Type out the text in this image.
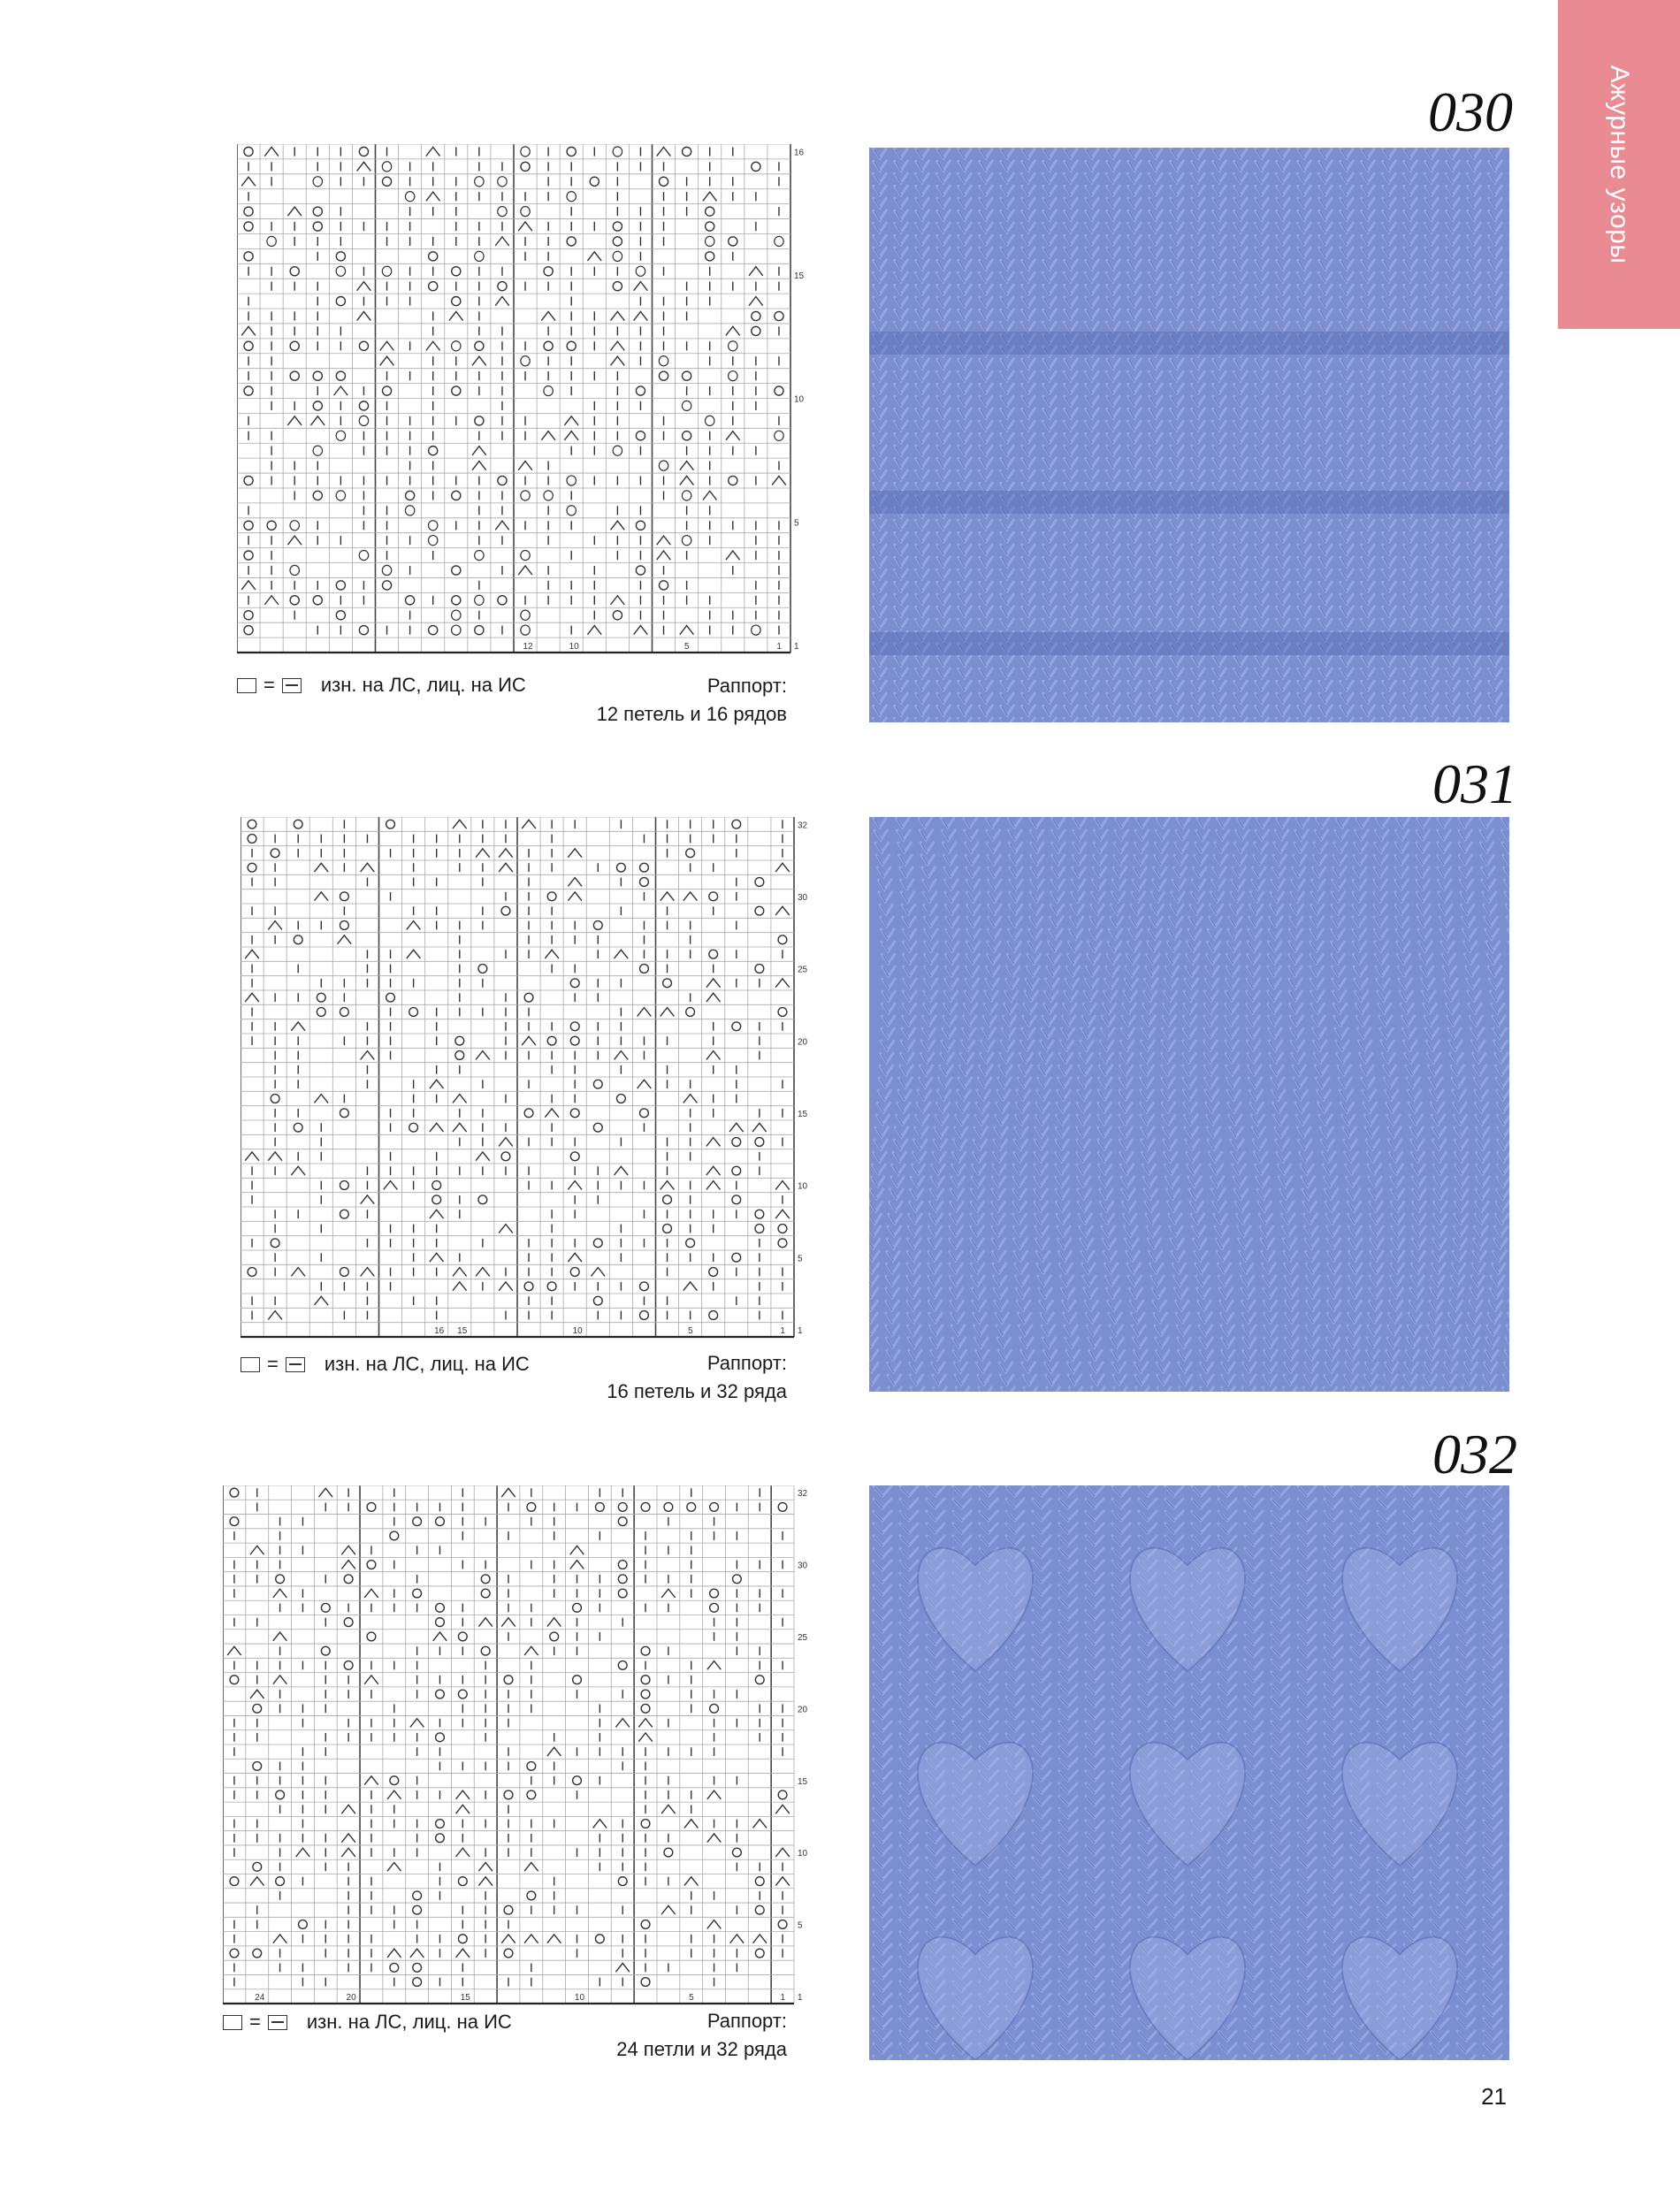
Ажурные узоры
030
16
15
10
5
1
12	10	5	1
= изн. на ЛС, лиц. на ИС	Раппорт:
12 петель и 16 рядов
031
32
30
25
20
15
10
5
1
16 15	10	5	1
= изн. на ЛС, лиц. на ИС	Раппорт:
16 петель и 32 ряда
032
32
30
25
20
15
10
5
1
24	20	15	10	5	1
= изн. на ЛС, лиц. на ИС	Раппорт:
24 петли и 32 ряда
21
